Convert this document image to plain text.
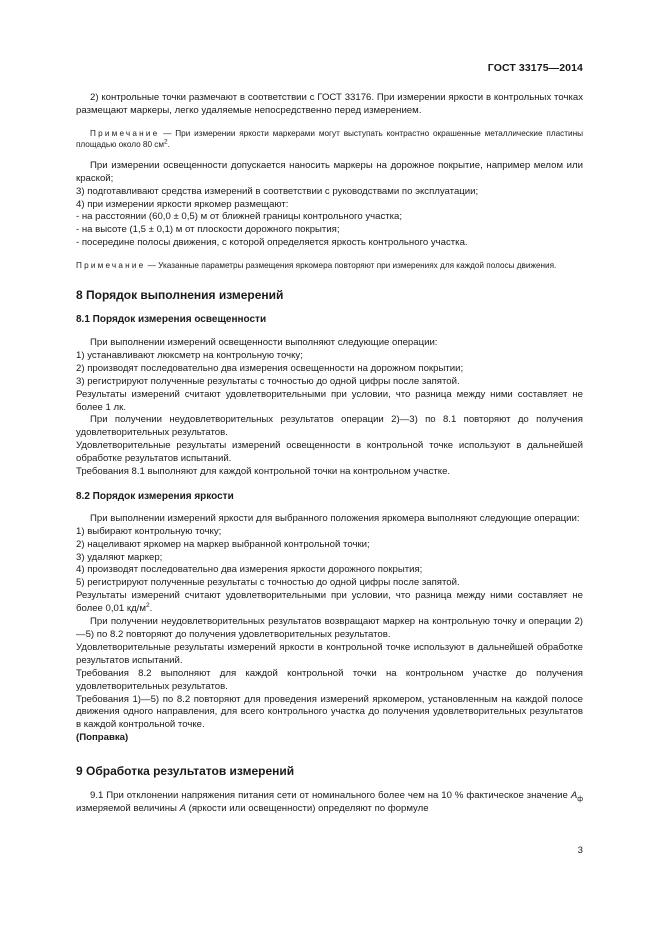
ГОСТ 33175—2014

2) контрольные точки размечают в соответствии с ГОСТ 33176. При измерении яркости в контрольных точках размещают маркеры, легко удаляемые непосредственно перед измерением.

Примечание — При измерении яркости маркерами могут выступать контрастно окрашенные металлические пластины площадью около 80 $см^2$.

При измерении освещенности допускается наносить маркеры на дорожное покрытие, например мелом или краской;

3) подготавливают средства измерений в соответствии с руководствами по эксплуатации;

4) при измерении яркости яркомер размещают:

- на расстоянии (60,0 ± 0,5) м от ближней границы контрольного участка;

- на высоте (1,5 ± 0,1) м от плоскости дорожного покрытия;

- посередине полосы движения, с которой определяется яркость контрольного участка.

Примечание — Указанные параметры размещения яркомера повторяют при измерениях для каждой полосы движения.

8 Порядок выполнения измерений
8.1 Порядок измерения освещенности

При выполнении измерений освещенности выполняют следующие операции:

1) устанавливают люксметр на контрольную точку;

2) производят последовательно два измерения освещенности на дорожном покрытии;

3) регистрируют полученные результаты с точностью до одной цифры после запятой.

Результаты измерений считают удовлетворительными при условии, что разница между ними составляет не более 1 лк.

При получении неудовлетворительных результатов операции 2)—3) по 8.1 повторяют до получения удовлетворительных результатов.

Удовлетворительные результаты измерений освещенности в контрольной точке используют в дальнейшей обработке результатов испытаний.

Требования 8.1 выполняют для каждой контрольной точки на контрольном участке.

8.2 Порядок измерения яркости

При выполнении измерений яркости для выбранного положения яркомера выполняют следующие операции:

1) выбирают контрольную точку;

2) нацеливают яркомер на маркер выбранной контрольной точки;

3) удаляют маркер;

4) производят последовательно два измерения яркости дорожного покрытия;

5) регистрируют полученные результаты с точностью до одной цифры после запятой.

Результаты измерений считают удовлетворительными при условии, что разница между ними составляет не более 0,01 $кд/м^2$.

При получении неудовлетворительных результатов возвращают маркер на контрольную точку и операции 2)—5) по 8.2 повторяют до получения удовлетворительных результатов.

Удовлетворительные результаты измерений яркости в контрольной точке используют в дальнейшей обработке результатов испытаний.

Требования 8.2 выполняют для каждой контрольной точки на контрольном участке до получения удовлетворительных результатов.

Требования 1)—5) по 8.2 повторяют для проведения измерений яркомером, установленным на каждой полосе движения одного направления, для всего контрольного участка до получения удовлетворительных результатов в каждой контрольной точке.

(Поправка)

9 Обработка результатов измерений

9.1 При отклонении напряжения питания сети от номинального более чем на 10 % фактическое значение $A_ф$ измеряемой величины A (яркости или освещенности) определяют по формуле

3
